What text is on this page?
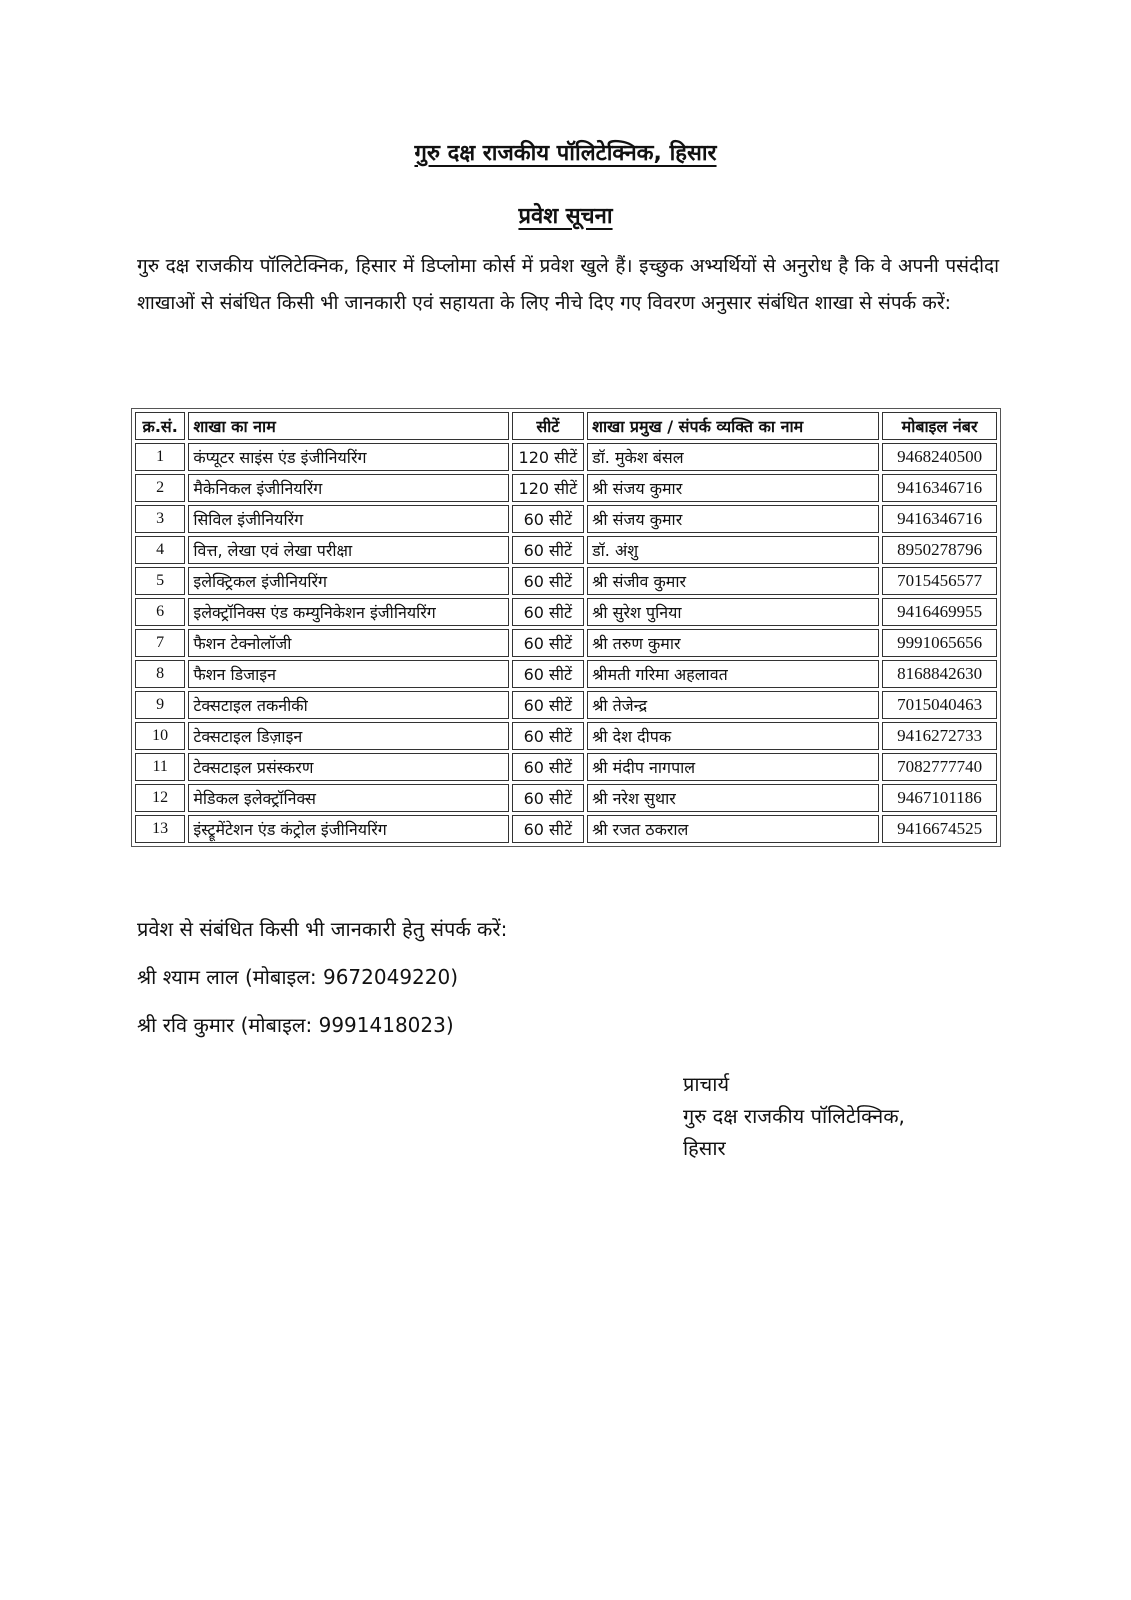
गुरु दक्ष राजकीय पॉलिटेक्निक, हिसार
प्रवेश सूचना

गुरु दक्ष राजकीय पॉलिटेक्निक, हिसार में डिप्लोमा कोर्स में प्रवेश खुले हैं। इच्छुक अभ्यर्थियों से अनुरोध है कि वे अपनी पसंदीदा शाखाओं से संबंधित किसी भी जानकारी एवं सहायता के लिए नीचे दिए गए विवरण अनुसार संबंधित शाखा से संपर्क करें:

क्र.सं.	शाखा का नाम	सीटें	शाखा प्रमुख / संपर्क व्यक्ति का नाम	मोबाइल नंबर
1	कंप्यूटर साइंस एंड इंजीनियरिंग	120 सीटें	डॉ. मुकेश बंसल	9468240500
2	मैकेनिकल इंजीनियरिंग	120 सीटें	श्री संजय कुमार	9416346716
3	सिविल इंजीनियरिंग	60 सीटें	श्री संजय कुमार	9416346716
4	वित्त, लेखा एवं लेखा परीक्षा	60 सीटें	डॉ. अंशु	8950278796
5	इलेक्ट्रिकल इंजीनियरिंग	60 सीटें	श्री संजीव कुमार	7015456577
6	इलेक्ट्रॉनिक्स एंड कम्युनिकेशन इंजीनियरिंग	60 सीटें	श्री सुरेश पुनिया	9416469955
7	फैशन टेक्नोलॉजी	60 सीटें	श्री तरुण कुमार	9991065656
8	फैशन डिजाइन	60 सीटें	श्रीमती गरिमा अहलावत	8168842630
9	टेक्सटाइल तकनीकी	60 सीटें	श्री तेजेन्द्र	7015040463
10	टेक्सटाइल डिज़ाइन	60 सीटें	श्री देश दीपक	9416272733
11	टेक्सटाइल प्रसंस्करण	60 सीटें	श्री मंदीप नागपाल	7082777740
12	मेडिकल इलेक्ट्रॉनिक्स	60 सीटें	श्री नरेश सुथार	9467101186
13	इंस्ट्रूमेंटेशन एंड कंट्रोल इंजीनियरिंग	60 सीटें	श्री रजत ठकराल	9416674525
प्रवेश से संबंधित किसी भी जानकारी हेतु संपर्क करें:
श्री श्याम लाल (मोबाइल: 9672049220)
श्री रवि कुमार (मोबाइल: 9991418023)
प्राचार्य
गुरु दक्ष राजकीय पॉलिटेक्निक,
हिसार
